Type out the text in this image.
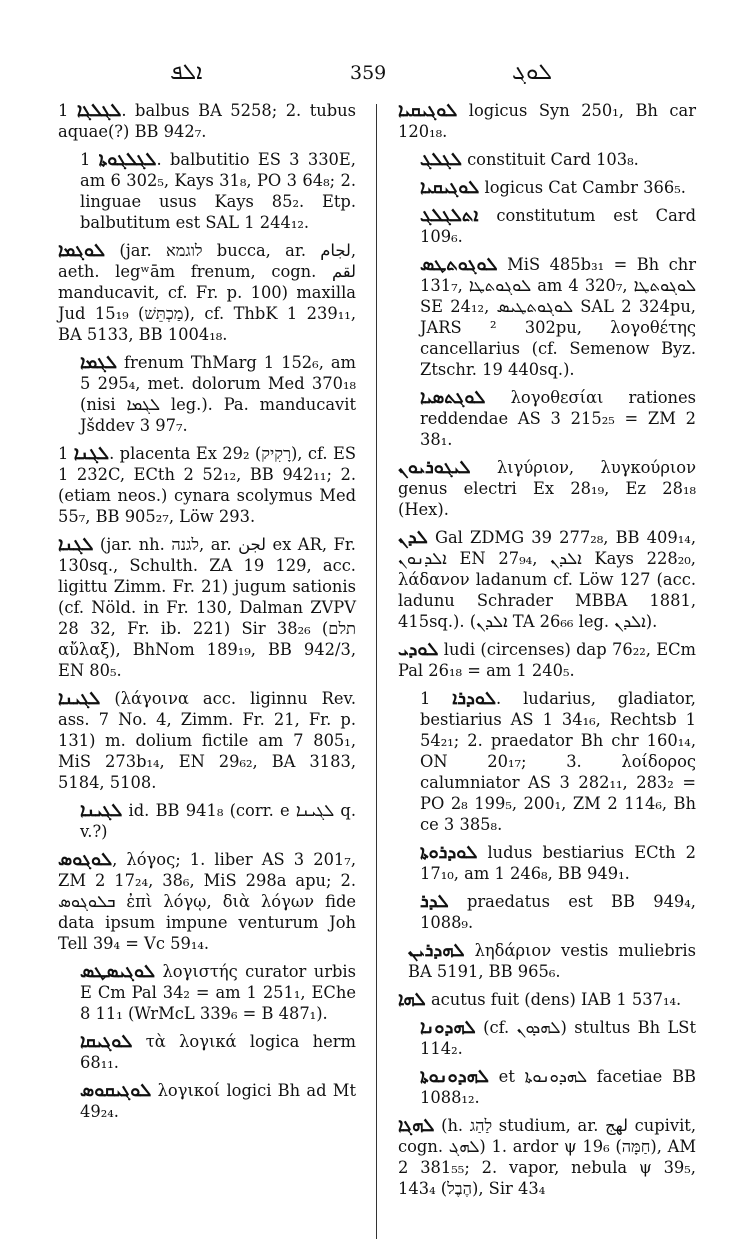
ܐܠܦ	359	ܠܘܓ

ܠܓܠܓܐ 1. balbus BA 5258; 2. tubus aquae(?) BB 942₇.

ܠܓܠܓܘܬܐ 1. balbutitio ES 3 330E, am 6 302₅, Kays 31₈, PO 3 64₈; 2. linguae usus Kays 85₂. Etp. balbutitum est SAL 1 244₁₂.

ܠܘܓܡܐ (jar. לוגמא bucca, ar. لجام, aeth. legʷām frenum, cogn. لقم manducavit, cf. Fr. p. 100) maxilla Jud 15₁₉ (מַכְתֵּשׁ), cf. ThbK 1 239₁₁, BA 5133, BB 1004₁₈.

ܠܓܡܐ frenum ThMarg 1 152₆, am 5 295₄, met. dolorum Med 370₁₈ (nisi ܠܓܡܐ leg.). Pa. manducavit Jšddev 3 97₇.

ܠܓܢܐ 1. placenta Ex 29₂ (רָקִיק), cf. ES 1 232C, ECth 2 52₁₂, BB 942₁₁; 2. (etiam neos.) cynara scolymus Med 55₇, BB 905₂₇, Löw 293.

ܠܓܢܐ (jar. nh. לגנה, ar. لجن ex AR, Fr. 130sq., Schulth. ZA 19 129, acc. ligittu Zimm. Fr. 21) jugum sationis (cf. Nöld. in Fr. 130, Dalman ZVPV 28 32, Fr. ib. 221) Sir 38₂₆ (תלם αὔλαξ), BhNom 189₁₉, BB 942/3, EN 80₅.

ܠܓܝܢܐ (λάγοινα acc. liginnu Rev. ass. 7 No. 4, Zimm. Fr. 21, Fr. p. 131) m. dolium fictile am 7 805₁, MiS 273b₁₄, EN 29₆₂, BA 3183, 5184, 5108.

ܠܓܝܢܐ id. BB 941₈ (corr. e ܠܓܝܢܐ q. v.?)

ܠܘܓܘܣ, λόγος; 1. liber AS 3 201₇, ZM 2 17₂₄, 38₆, MiS 298a apu; 2. ܒܠܘܓܘܣ ἐπὶ λόγῳ, διὰ λόγων fide data ipsum impune venturum Joh Tell 39₄ = Vc 59₁₄.

ܠܘܓܝܣܛܣ λογιστής curator urbis E Cm Pal 34₂ = am 1 251₁, EChe 8 11₁ (WrMcL 339₆ = B 487₁).

ܠܘܓܝܩܐ τὰ λογικά logica herm 68₁₁.

ܠܘܓܝܩܘܣ λογικοί logici Bh ad Mt 49₂₄.

ܠܘܓܝܩܝܐ logicus Syn 250₁, Bh car 120₁₈.

ܠܓܠܓ constituit Card 103₈.

ܠܘܓܝܩܝܐ logicus Cat Cambr 366₅.

ܐܬܠܓܠܓ constitutum est Card 109₆.

ܠܘܓܘܬܛܣ MiS 485b₃₁ = Bh chr 131₇, ܠܘܓܘܬܛܐ am 4 320₇, ܠܘܓܘܬܛܐ SE 24₁₂, ܠܘܓܘܬܛܝܣ SAL 2 324pu, JARS ² 302pu, λογοθέτης cancellarius (cf. Semenow Byz. Ztschr. 19 440sq.).

ܠܘܓܬܣܝܐ λογοθεσίαι rationes reddendae AS 3 215₂₅ = ZM 2 38₁.

ܠܝܓܘܪܝܘܢ λιγύριον, λυγκούριον genus electri Ex 28₁₉, Ez 28₁₈ (Hex).

ܠܕܢ Gal ZDMG 39 277₂₈, BB 409₁₄, ܐܠܕܢܘܢ EN 27₉₄, ܐܠܕܢ Kays 228₂₀, λάδανον ladanum cf. Löw 127 (acc. ladunu Schrader MBBA 1881, 415sq.). (ܐܠܕܢ TA 26₆₆ leg. ܐܠܕܢ).

ܠܘܕܝ ludi (circenses) dap 76₂₂, ECm Pal 26₁₈ = am 1 240₅.

ܠܘܕܪܐ 1. ludarius, gladiator, bestiarius AS 1 34₁₆, Rechtsb 1 54₂₁; 2. praedator Bh chr 160₁₄, ON 20₁₇; 3. λοίδορος calumniator AS 3 282₁₁, 283₂ = PO 2₈ 199₅, 200₁, ZM 2 114₆, Bh ce 3 385₈.

ܠܘܕܪܘܬܐ ludus bestiarius ECth 2 17₁₀, am 1 246₈, BB 949₁.

ܠܕܪ praedatus est BB 949₄, 1088₉.

ܠܗܕܪܝܢ ληδάριον vestis muliebris BA 5191, BB 965₆.

ܠܗܐ acutus fuit (dens) IAB 1 537₁₄.

ܠܗܕܘܢܐ (cf. ܠܗܕܘܢ) stultus Bh LSt 114₂.

ܠܗܕܘܢܘܬܐ et ܠܗܕܘܢܘܬܐ facetiae BB 1088₁₂.

ܠܗܓܐ (h. לַהַג studium, ar. لهج cupivit, cogn. ܠܗܓ) 1. ardor ψ 19₆ (חַמָּה), AM 2 381₅₅; 2. vapor, nebula ψ 39₅, 143₄ (הֶבֶל), Sir 43₄
